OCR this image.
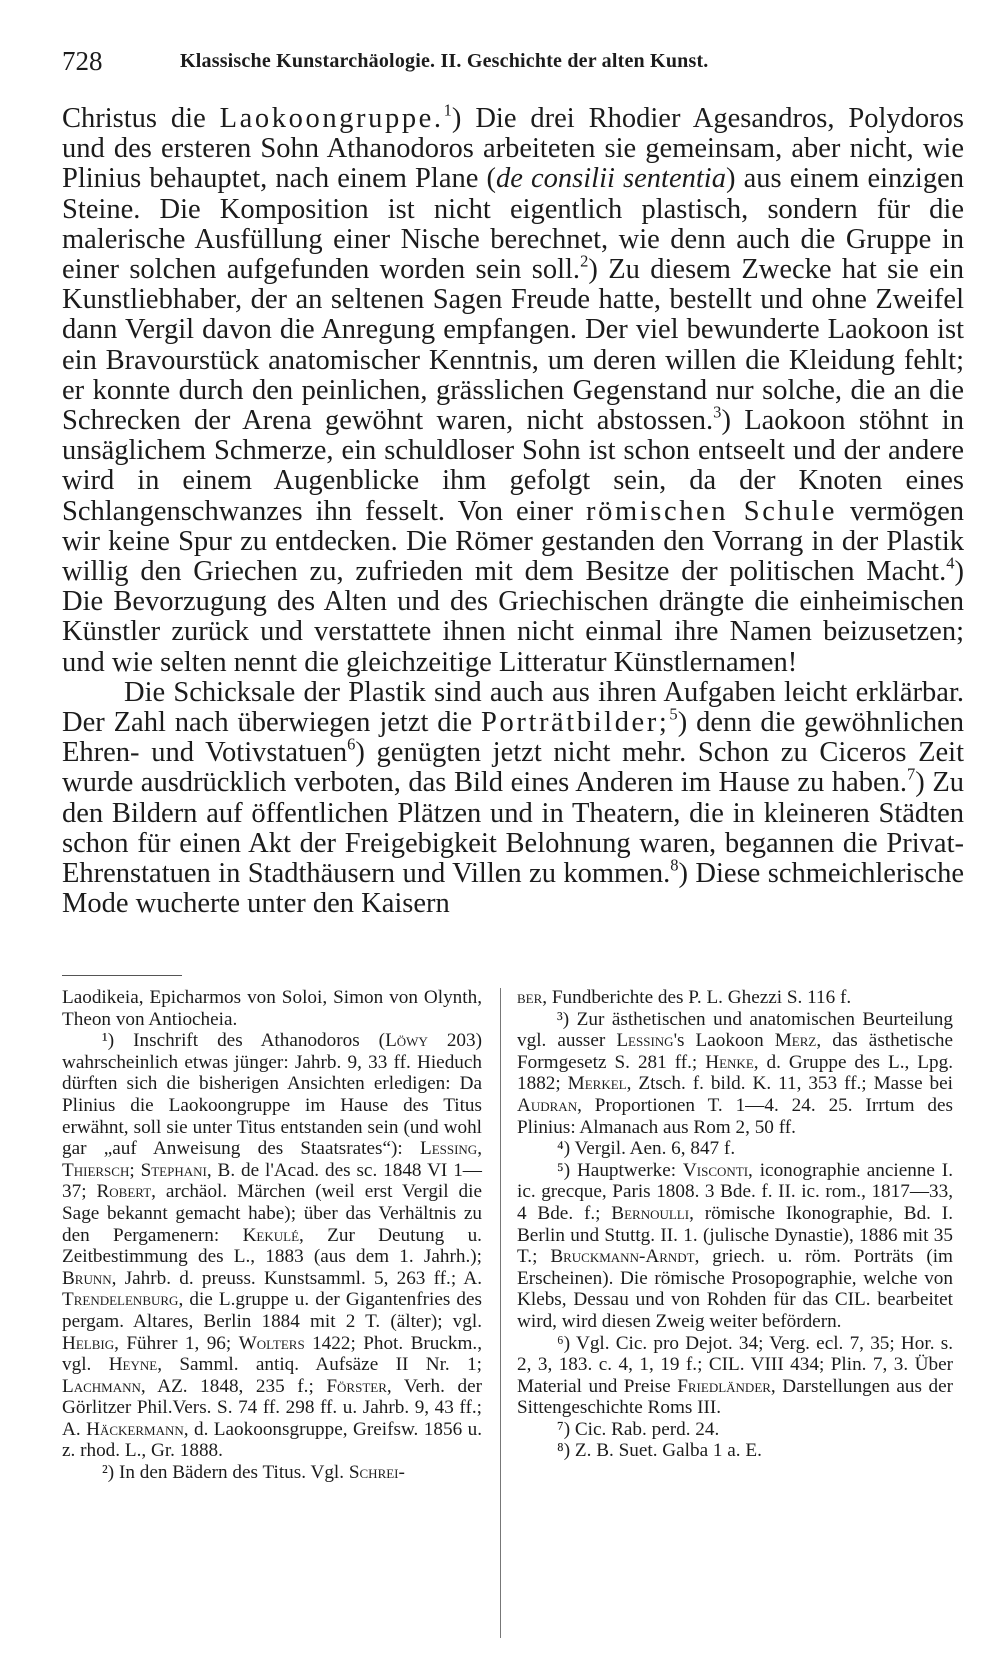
728	Klassische Kunstarchäologie. II. Geschichte der alten Kunst.

Christus die Laokoongruppe.$^1$) Die drei Rhodier Agesandros, Polydoros und des ersteren Sohn Athanodoros arbeiteten sie gemeinsam, aber nicht, wie Plinius behauptet, nach einem Plane (de consilii sententia) aus einem einzigen Steine. Die Komposition ist nicht eigentlich plastisch, sondern für die malerische Ausfüllung einer Nische berechnet, wie denn auch die Gruppe in einer solchen aufgefunden worden sein soll.$^2$) Zu diesem Zwecke hat sie ein Kunstliebhaber, der an seltenen Sagen Freude hatte, bestellt und ohne Zweifel dann Vergil davon die Anregung empfangen. Der viel bewunderte Laokoon ist ein Bravourstück anatomischer Kenntnis, um deren willen die Kleidung fehlt; er konnte durch den peinlichen, grässlichen Gegenstand nur solche, die an die Schrecken der Arena gewöhnt waren, nicht abstossen.$^3$) Laokoon stöhnt in unsäglichem Schmerze, ein schuldloser Sohn ist schon entseelt und der andere wird in einem Augenblicke ihm gefolgt sein, da der Knoten eines Schlangenschwanzes ihn fesselt. Von einer römischen Schule vermögen wir keine Spur zu entdecken. Die Römer gestanden den Vorrang in der Plastik willig den Griechen zu, zufrieden mit dem Besitze der politischen Macht.$^4$) Die Bevorzugung des Alten und des Griechischen drängte die einheimischen Künstler zurück und verstattete ihnen nicht einmal ihre Namen beizusetzen; und wie selten nennt die gleichzeitige Litteratur Künstlernamen!

Die Schicksale der Plastik sind auch aus ihren Aufgaben leicht erklärbar. Der Zahl nach überwiegen jetzt die Porträtbilder;$^5$) denn die gewöhnlichen Ehren- und Votivstatuen$^6$) genügten jetzt nicht mehr. Schon zu Ciceros Zeit wurde ausdrücklich verboten, das Bild eines Anderen im Hause zu haben.$^7$) Zu den Bildern auf öffentlichen Plätzen und in Theatern, die in kleineren Städten schon für einen Akt der Freigebigkeit Belohnung waren, begannen die Privat-Ehrenstatuen in Stadthäusern und Villen zu kommen.$^8$) Diese schmeichlerische Mode wucherte unter den Kaisern

Laodikeia, Epicharmos von Soloi, Simon von Olynth, Theon von Antiocheia.

¹) Inschrift des Athanodoros (Löwy 203) wahrscheinlich etwas jünger: Jahrb. 9, 33 ff. Hieduch dürften sich die bisherigen Ansichten erledigen: Da Plinius die Laokoongruppe im Hause des Titus erwähnt, soll sie unter Titus entstanden sein (und wohl gar „auf Anweisung des Staatsrates“): Lessing, Thiersch; Stephani, B. de l'Acad. des sc. 1848 VI 1—37; Robert, archäol. Märchen (weil erst Vergil die Sage bekannt gemacht habe); über das Verhältnis zu den Pergamenern: Kekulé, Zur Deutung u. Zeitbestimmung des L., 1883 (aus dem 1. Jahrh.); Brunn, Jahrb. d. preuss. Kunstsamml. 5, 263 ff.; A. Trendelenburg, die L.gruppe u. der Gigantenfries des pergam. Altares, Berlin 1884 mit 2 T. (älter); vgl. Helbig, Führer 1, 96; Wolters 1422; Phot. Bruckm., vgl. Heyne, Samml. antiq. Aufsäze II Nr. 1; Lachmann, AZ. 1848, 235 f.; Förster, Verh. der Görlitzer Phil.Vers. S. 74 ff. 298 ff. u. Jahrb. 9, 43 ff.; A. Häckermann, d. Laokoonsgruppe, Greifsw. 1856 u. z. rhod. L., Gr. 1888.

²) In den Bädern des Titus. Vgl. Schrei-

ber, Fundberichte des P. L. Ghezzi S. 116 f.

³) Zur ästhetischen und anatomischen Beurteilung vgl. ausser Lessing's Laokoon Merz, das ästhetische Formgesetz S. 281 ff.; Henke, d. Gruppe des L., Lpg. 1882; Merkel, Ztsch. f. bild. K. 11, 353 ff.; Masse bei Audran, Proportionen T. 1—4. 24. 25. Irrtum des Plinius: Almanach aus Rom 2, 50 ff.

⁴) Vergil. Aen. 6, 847 f.

⁵) Hauptwerke: Visconti, iconographie ancienne I. ic. grecque, Paris 1808. 3 Bde. f. II. ic. rom., 1817—33, 4 Bde. f.; Bernoulli, römische Ikonographie, Bd. I. Berlin und Stuttg. II. 1. (julische Dynastie), 1886 mit 35 T.; Bruckmann-Arndt, griech. u. röm. Porträts (im Erscheinen). Die römische Prosopographie, welche von Klebs, Dessau und von Rohden für das CIL. bearbeitet wird, wird diesen Zweig weiter befördern.

⁶) Vgl. Cic. pro Dejot. 34; Verg. ecl. 7, 35; Hor. s. 2, 3, 183. c. 4, 1, 19 f.; CIL. VIII 434; Plin. 7, 3. Über Material und Preise Friedländer, Darstellungen aus der Sittengeschichte Roms III.

⁷) Cic. Rab. perd. 24.

⁸) Z. B. Suet. Galba 1 a. E.
